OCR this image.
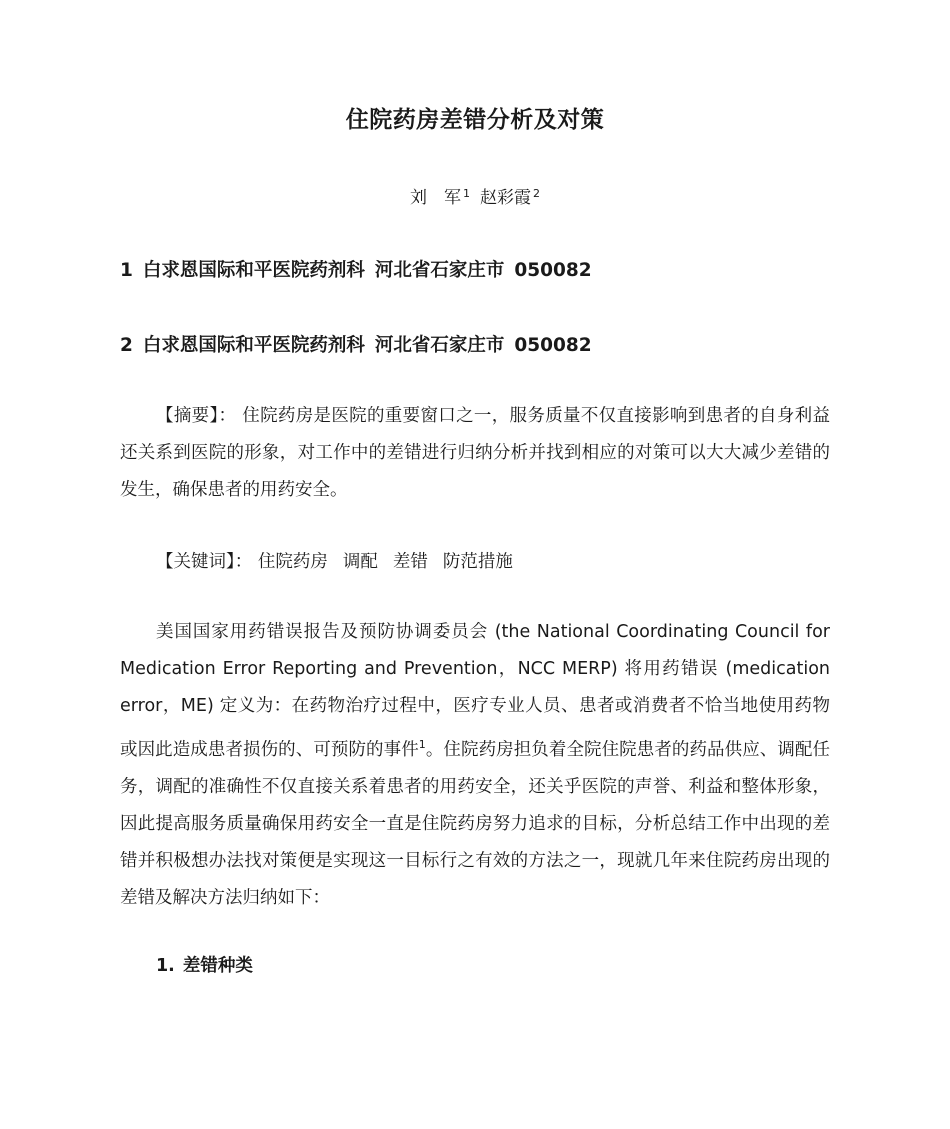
住院药房差错分析及对策
刘　军 $^1$ 赵彩霞 $^2$
1 白求恩国际和平医院药剂科 河北省石家庄市 050082
2 白求恩国际和平医院药剂科 河北省石家庄市 050082
【摘要】： 住院药房是医院的重要窗口之一，服务质量不仅直接影响到患者的自身利益还关系到医院的形象，对工作中的差错进行归纳分析并找到相应的对策可以大大减少差错的发生，确保患者的用药安全。
【关键词】： 住院药房 调配 差错 防范措施
美国国家用药错误报告及预防协调委员会 (the National Coordinating Council for Medication Error Reporting and Prevention，NCC MERP) 将用药错误 (medication error，ME) 定义为：在药物治疗过程中，医疗专业人员、患者或消费者不恰当地使用药物或因此造成患者损伤的、可预防的事件$^1$。住院药房担负着全院住院患者的药品供应、调配任务，调配的准确性不仅直接关系着患者的用药安全，还关乎医院的声誉、利益和整体形象，因此提高服务质量确保用药安全一直是住院药房努力追求的目标，分析总结工作中出现的差错并积极想办法找对策便是实现这一目标行之有效的方法之一，现就几年来住院药房出现的差错及解决方法归纳如下：
1. 差错种类
